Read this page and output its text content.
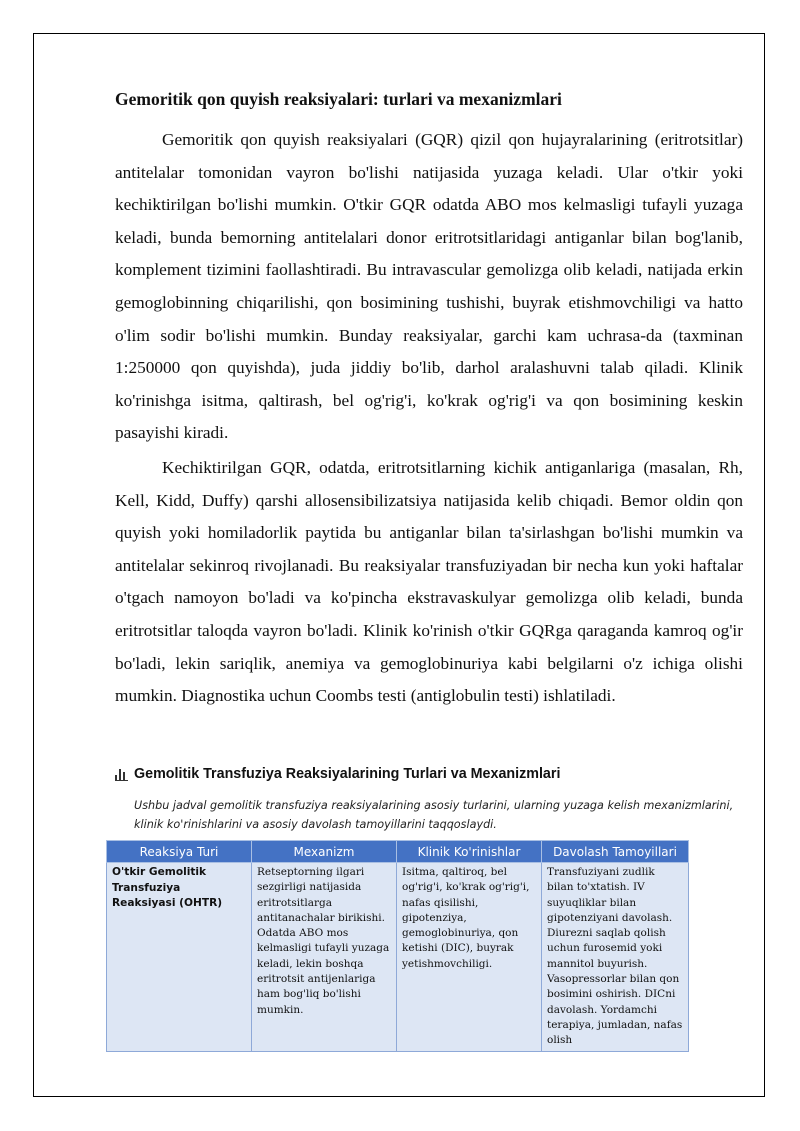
Gemoritik qon quyish reaksiyalari: turlari va mexanizmlari

Gemoritik qon quyish reaksiyalari (GQR) qizil qon hujayralarining (eritrotsitlar) antitelalar tomonidan vayron bo'lishi natijasida yuzaga keladi. Ular o'tkir yoki kechiktirilgan bo'lishi mumkin. O'tkir GQR odatda ABO mos kelmasligi tufayli yuzaga keladi, bunda bemorning antitelalari donor eritrotsitlaridagi antiganlar bilan bog'lanib, komplement tizimini faollashtiradi. Bu intravascular gemolizga olib keladi, natijada erkin gemoglobinning chiqarilishi, qon bosimining tushishi, buyrak etishmovchiligi va hatto o'lim sodir bo'lishi mumkin. Bunday reaksiyalar, garchi kam uchrasa-da (taxminan 1:250000 qon quyishda), juda jiddiy bo'lib, darhol aralashuvni talab qiladi. Klinik ko'rinishga isitma, qaltirash, bel og'rig'i, ko'krak og'rig'i va qon bosimining keskin pasayishi kiradi.

Kechiktirilgan GQR, odatda, eritrotsitlarning kichik antiganlariga (masalan, Rh, Kell, Kidd, Duffy) qarshi allosensibilizatsiya natijasida kelib chiqadi. Bemor oldin qon quyish yoki homiladorlik paytida bu antiganlar bilan ta'sirlashgan bo'lishi mumkin va antitelalar sekinroq rivojlanadi. Bu reaksiyalar transfuziyadan bir necha kun yoki haftalar o'tgach namoyon bo'ladi va ko'pincha ekstravaskulyar gemolizga olib keladi, bunda eritrotsitlar taloqda vayron bo'ladi. Klinik ko'rinish o'tkir GQRga qaraganda kamroq og'ir bo'ladi, lekin sariqlik, anemiya va gemoglobinuriya kabi belgilarni o'z ichiga olishi mumkin. Diagnostika uchun Coombs testi (antiglobulin testi) ishlatiladi.

Gemolitik Transfuziya Reaksiyalarining Turlari va Mexanizmlari
Ushbu jadval gemolitik transfuziya reaksiyalarining asosiy turlarini, ularning yuzaga kelish mexanizmlarini, klinik ko'rinishlarini va asosiy davolash tamoyillarini taqqoslaydi.
Reaksiya Turi	Mexanizm	Klinik Ko'rinishlar	Davolash Tamoyillari

O'tkir Gemolitik Transfuziya Reaksiyasi (OHTR)	Retseptorning ilgari sezgirligi natijasida eritrotsitlarga antitanachalar birikishi. Odatda ABO mos kelmasligi tufayli yuzaga keladi, lekin boshqa eritrotsit antijenlariga ham bog'liq bo'lishi mumkin.	Isitma, qaltiroq, bel og'rig'i, ko'krak og'rig'i, nafas qisilishi, gipotenziya, gemoglobinuriya, qon ketishi (DIC), buyrak yetishmovchiligi.	Transfuziyani zudlik bilan to'xtatish. IV suyuqliklar bilan gipotenziyani davolash. Diurezni saqlab qolish uchun furosemid yoki mannitol buyurish. Vasopressorlar bilan qon bosimini oshirish. DICni davolash. Yordamchi terapiya, jumladan, nafas olish
